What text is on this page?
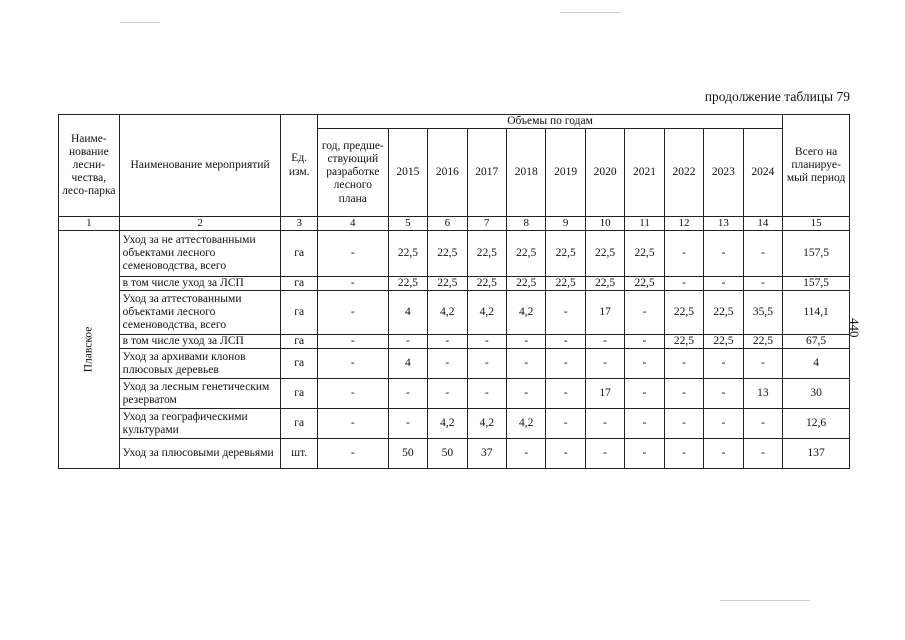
продолжение таблицы 79
440
Наиме-нование лесни-чества, лесо-парка	Наименование мероприятий	Ед. изм.	Объемы по годам											Всего на планируе-мый период
			год, предше-ствующий разработке лесного плана	2015	2016	2017	2018	2019	2020	2021	2022	2023	2024	
1	2	3	4	5	6	7	8	9	10	11	12	13	14	15
Плавское	Уход за не аттестованными объектами лесного семеноводства, всего	га	-	22,5	22,5	22,5	22,5	22,5	22,5	22,5	-	-	-	157,5
	в том числе уход за ЛСП	га	-	22,5	22,5	22,5	22,5	22,5	22,5	22,5	-	-	-	157,5
	Уход за аттестованными объектами лесного семеноводства, всего	га	-	4	4,2	4,2	4,2	-	17	-	22,5	22,5	35,5	114,1
	в том числе уход за ЛСП	га	-	-	-	-	-	-	-	-	22,5	22,5	22,5	67,5
	Уход за архивами клонов плюсовых деревьев	га	-	4	-	-	-	-	-	-	-	-	-	4
	Уход за лесным генетическим резерватом	га	-	-	-	-	-	-	17	-	-	-	13	30
	Уход за географическими культурами	га	-	-	4,2	4,2	4,2	-	-	-	-	-	-	12,6
	Уход за плюсовыми деревьями	шт.	-	50	50	37	-	-	-	-	-	-	-	137
